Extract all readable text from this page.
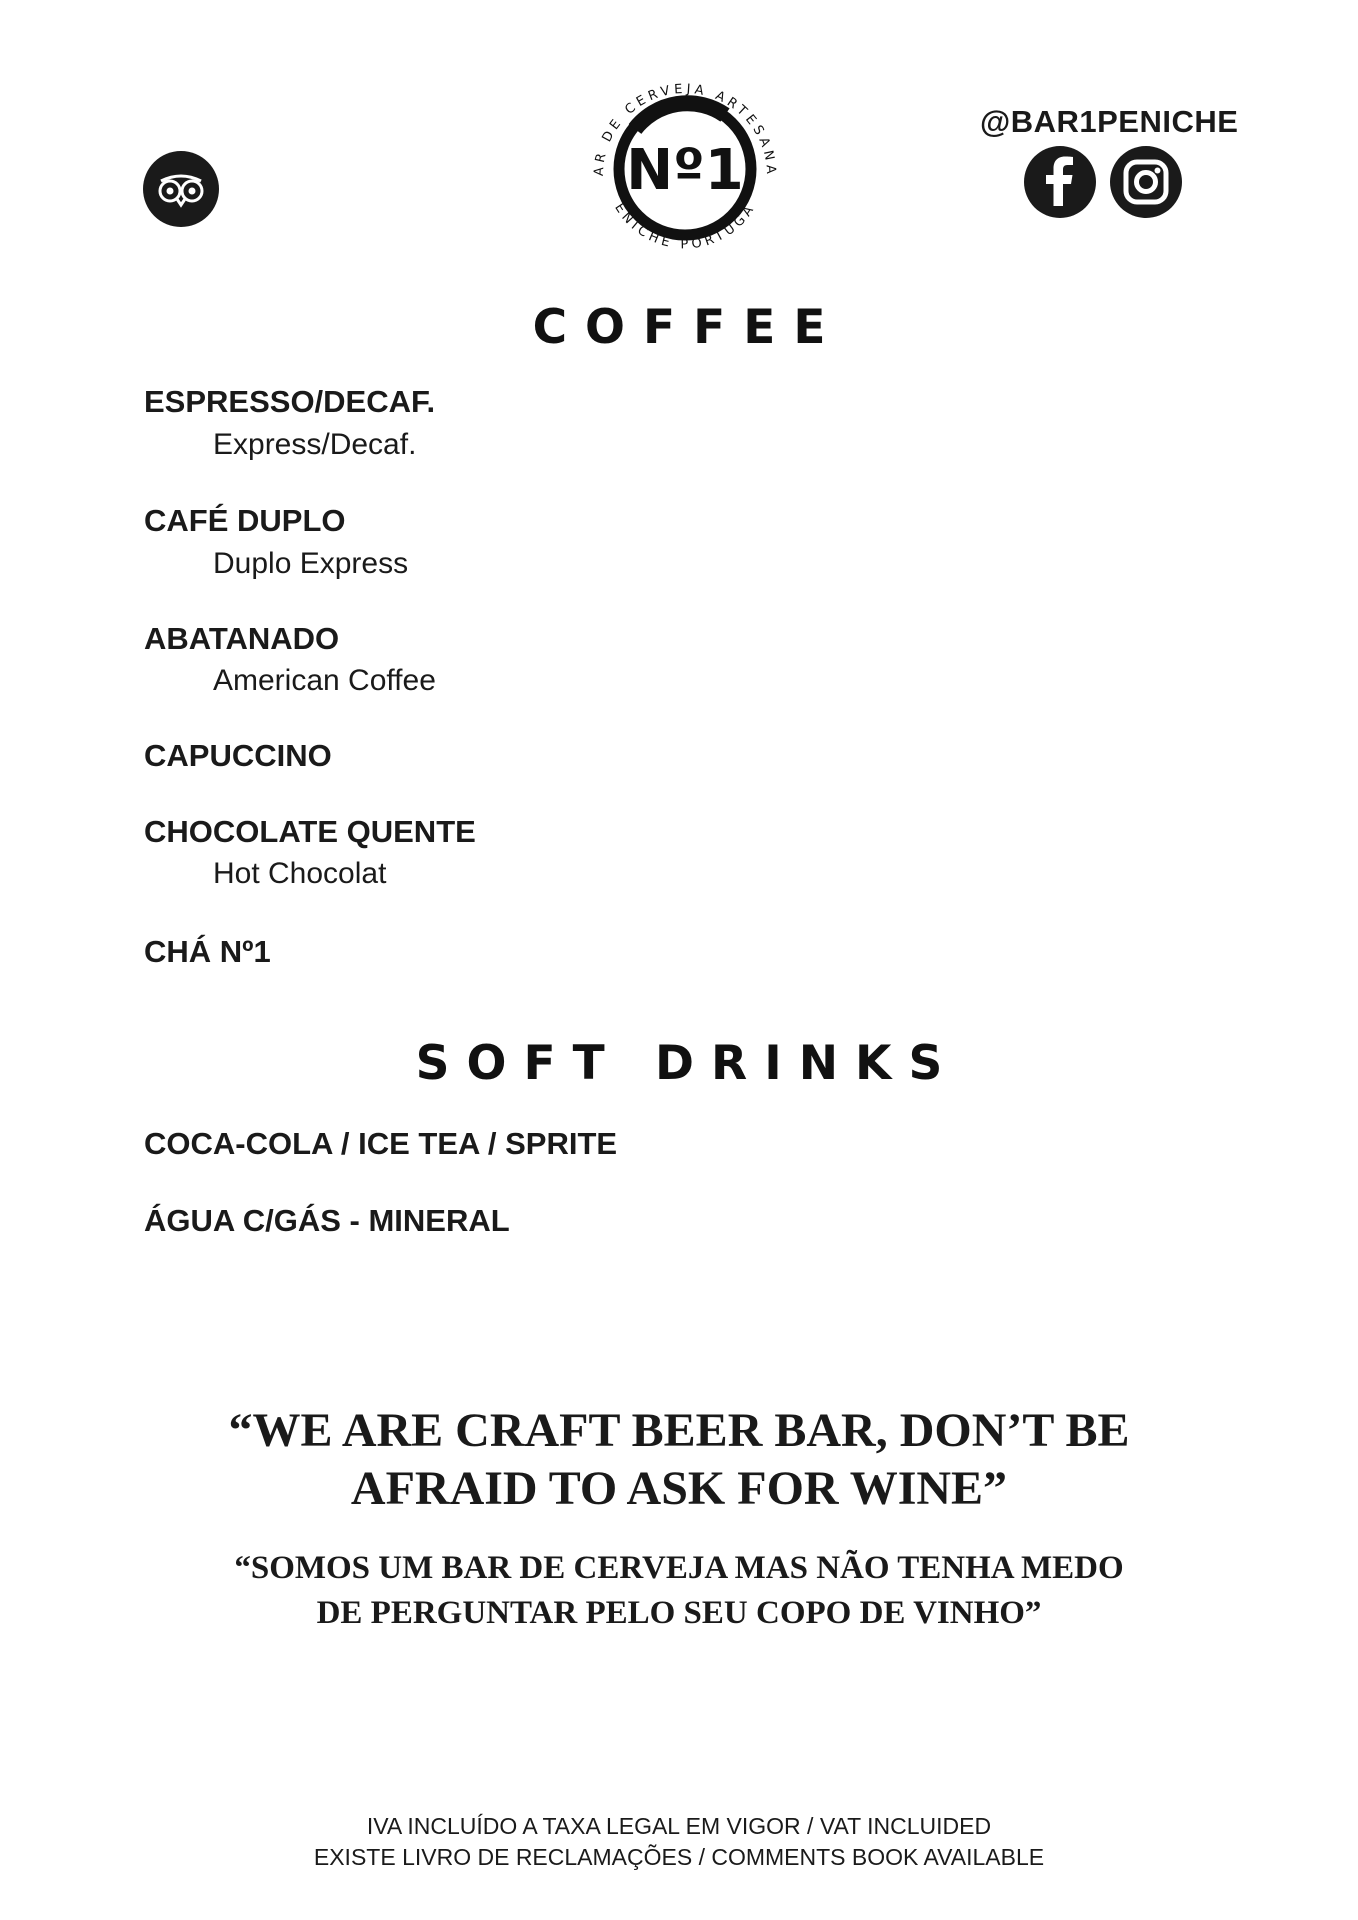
AR DE CERVEJA ARTESANA
ENICHE PORTUGA
Nº1
@BAR1PENICHE
COFFEE
ESPRESSO/DECAF.
Express/Decaf.
CAFÉ DUPLO
Duplo Express
ABATANADO
American Coffee
CAPUCCINO
CHOCOLATE QUENTE
Hot Chocolat
CHÁ Nº1
SOFT DRINKS
COCA-COLA / ICE TEA / SPRITE
ÁGUA C/GÁS - MINERAL
“WE ARE CRAFT BEER BAR, DON’T BE
AFRAID TO ASK FOR WINE”
“SOMOS UM BAR DE CERVEJA MAS NÃO TENHA MEDO
DE PERGUNTAR PELO SEU COPO DE VINHO”
IVA INCLUÍDO A TAXA LEGAL EM VIGOR / VAT INCLUIDED
EXISTE LIVRO DE RECLAMAÇÕES / COMMENTS BOOK AVAILABLE
